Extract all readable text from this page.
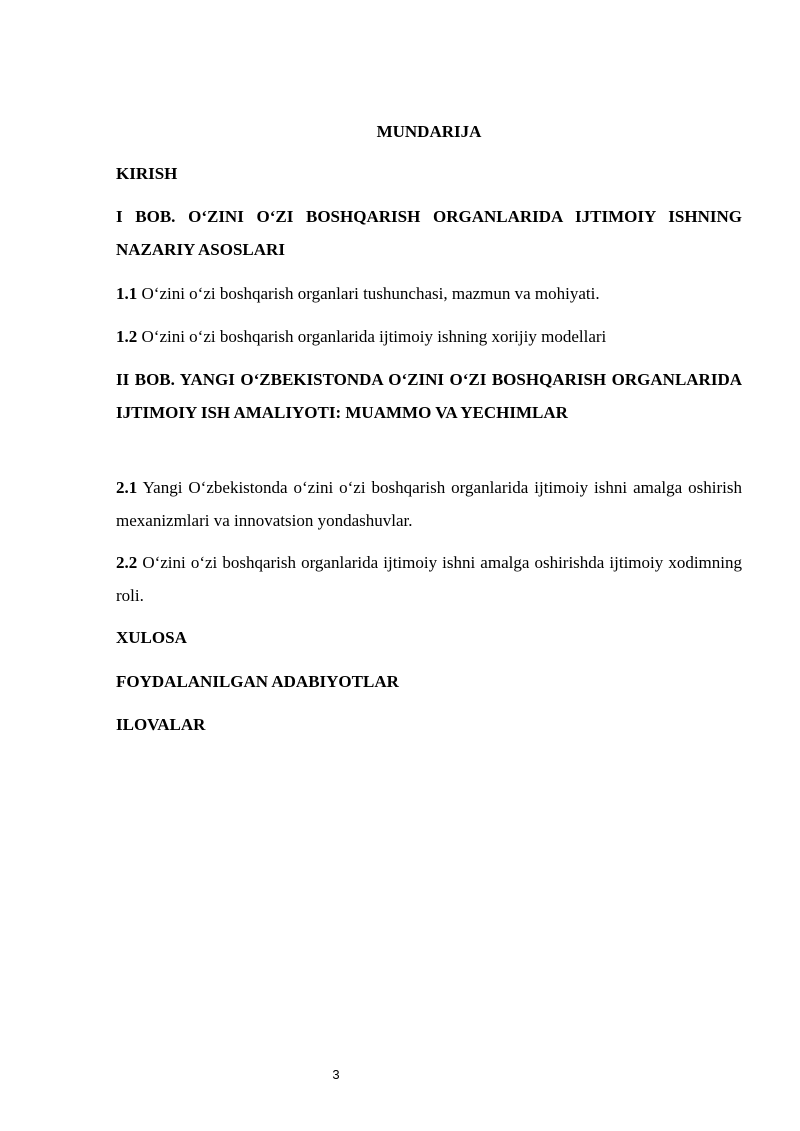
MUNDARIJA
KIRISH
I BOB. O‘ZINI O‘ZI BOSHQARISH ORGANLARIDA IJTIMOIY ISHNING NAZARIY ASOSLARI
1.1 O‘zini o‘zi boshqarish organlari tushunchasi, mazmun va mohiyati.
1.2 O‘zini o‘zi boshqarish organlarida ijtimoiy ishning xorijiy modellari
II BOB. YANGI O‘ZBEKISTONDA O‘ZINI O‘ZI BOSHQARISH ORGANLARIDA IJTIMOIY ISH AMALIYOTI: MUAMMO VA YECHIMLAR
2.1 Yangi O‘zbekistonda o‘zini o‘zi boshqarish organlarida ijtimoiy ishni amalga oshirish mexanizmlari va innovatsion yondashuvlar.
2.2 O‘zini o‘zi boshqarish organlarida ijtimoiy ishni amalga oshirishda ijtimoiy xodimning roli.
XULOSA
FOYDALANILGAN ADABIYOTLAR
ILOVALAR
3
